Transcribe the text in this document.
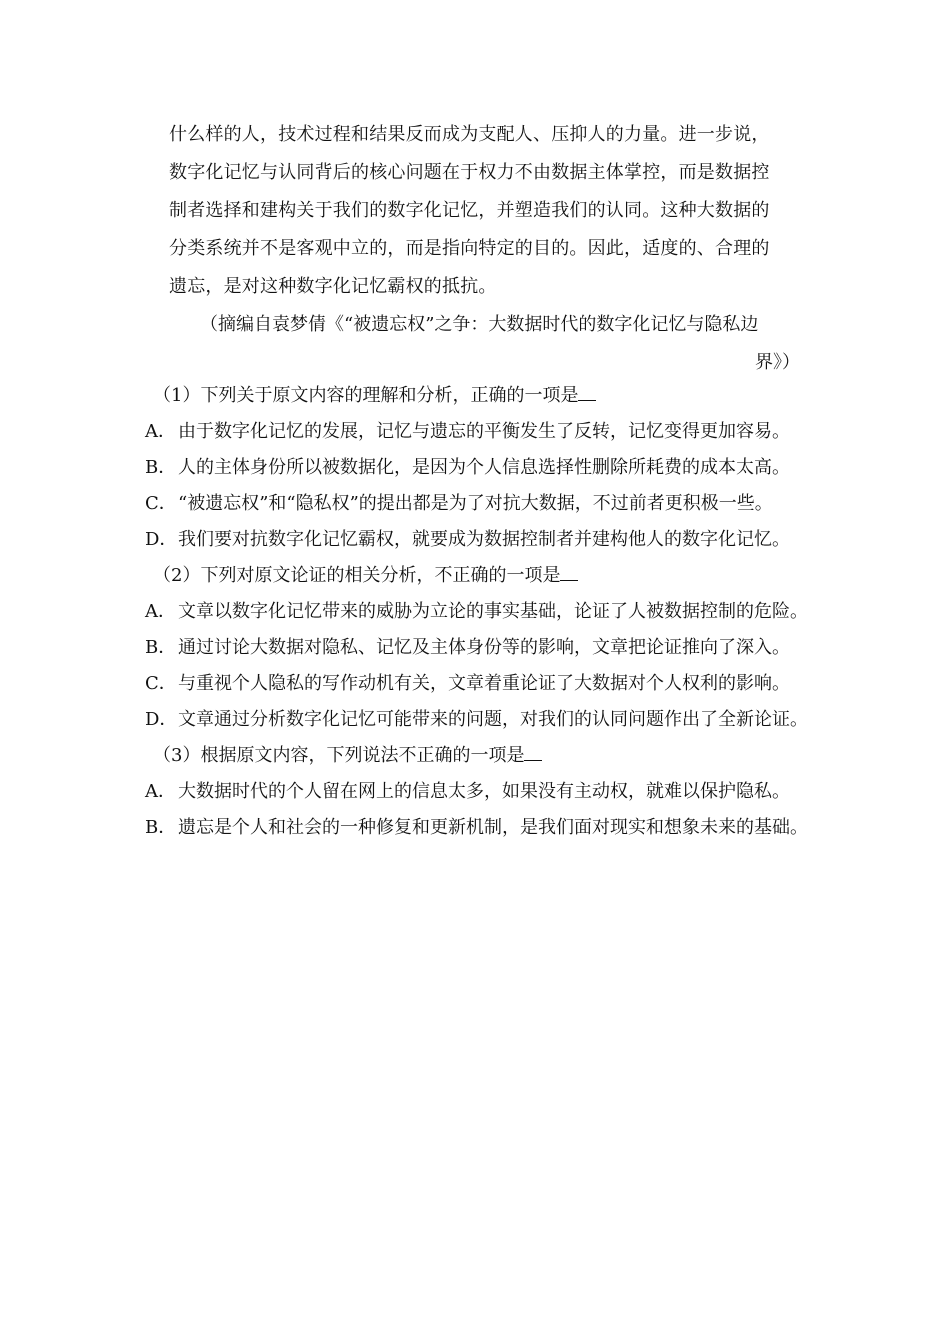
什么样的人，技术过程和结果反而成为支配人、压抑人的力量。进一步说，

数字化记忆与认同背后的核心问题在于权力不由数据主体掌控，而是数据控

制者选择和建构关于我们的数字化记忆，并塑造我们的认同。这种大数据的

分类系统并不是客观中立的，而是指向特定的目的。因此，适度的、合理的

遗忘，是对这种数字化记忆霸权的抵抗。

（摘编自袁梦倩《“被遗忘权”之争：大数据时代的数字化记忆与隐私边
界》）

（1）下列关于原文内容的理解和分析，正确的一项是

A． 由于数字化记忆的发展，记忆与遗忘的平衡发生了反转，记忆变得更加容易。
B． 人的主体身份所以被数据化，是因为个人信息选择性删除所耗费的成本太高。
C． “被遗忘权”和“隐私权”的提出都是为了对抗大数据，不过前者更积极一些。
D． 我们要对抗数字化记忆霸权，就要成为数据控制者并建构他人的数字化记忆。

（2）下列对原文论证的相关分析，不正确的一项是

A． 文章以数字化记忆带来的威胁为立论的事实基础，论证了人被数据控制的危险。
B． 通过讨论大数据对隐私、记忆及主体身份等的影响，文章把论证推向了深入。
C． 与重视个人隐私的写作动机有关，文章着重论证了大数据对个人权利的影响。
D． 文章通过分析数字化记忆可能带来的问题，对我们的认同问题作出了全新论证。

（3）根据原文内容，下列说法不正确的一项是

A． 大数据时代的个人留在网上的信息太多，如果没有主动权，就难以保护隐私。
B． 遗忘是个人和社会的一种修复和更新机制，是我们面对现实和想象未来的基础。
